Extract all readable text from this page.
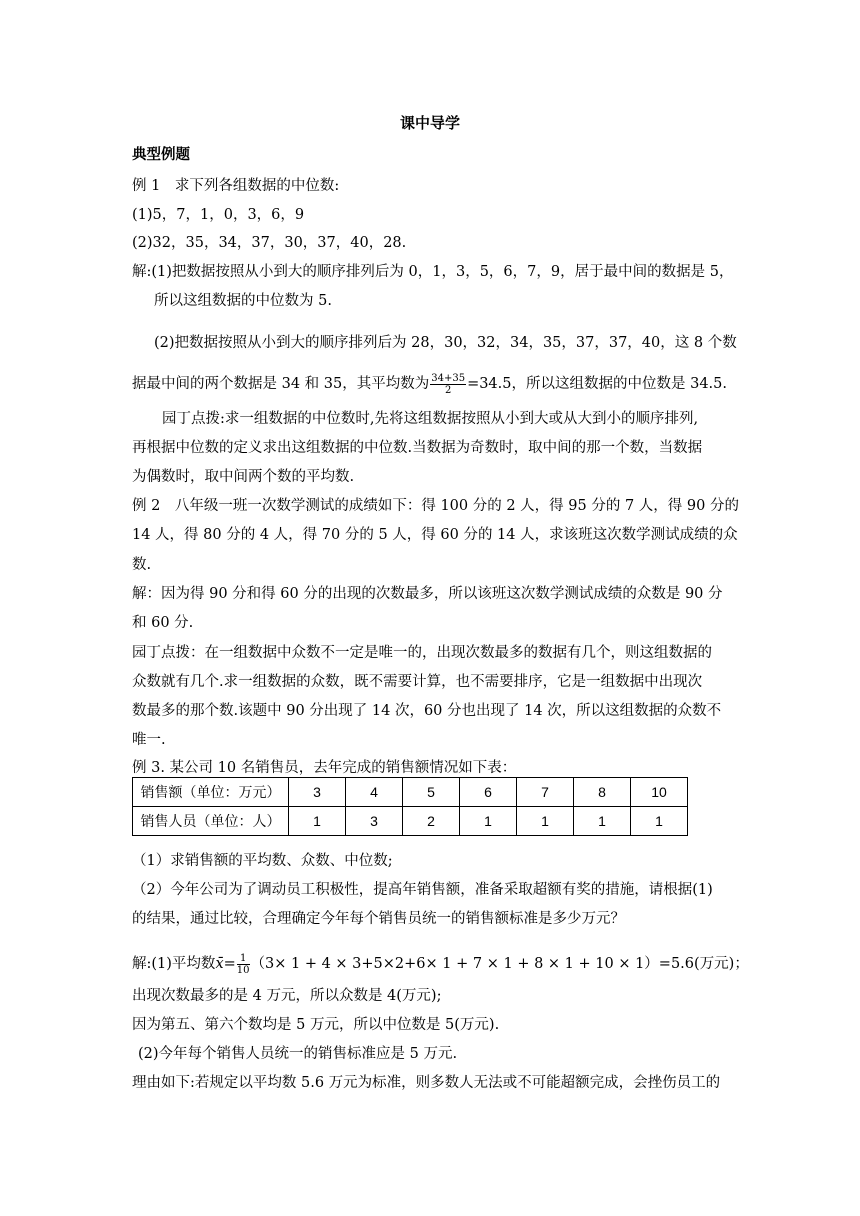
课中导学
典型例题
例 1　求下列各组数据的中位数:
(1)5，7，1，0，3，6，9
(2)32，35，34，37，30，37，40，28.
解:(1)把数据按照从小到大的顺序排列后为 0，1，3，5，6，7，9，居于最中间的数据是 5，
所以这组数据的中位数为 5.
(2)把数据按照从小到大的顺序排列后为 28，30，32，34，35，37，37，40，这 8 个数
据最中间的两个数据是 34 和 35，其平均数为 $\frac{34+35}{2} =34.5$，所以这组数据的中位数是 34.5.
园丁点拨:求一组数据的中位数时,先将这组数据按照从小到大或从大到小的顺序排列,
再根据中位数的定义求出这组数据的中位数.当数据为奇数时，取中间的那一个数，当数据
为偶数时，取中间两个数的平均数.
例 2　八年级一班一次数学测试的成绩如下：得 100 分的 2 人，得 95 分的 7 人，得 90 分的
14 人，得 80 分的 4 人，得 70 分的 5 人，得 60 分的 14 人，求该班这次数学测试成绩的众
数.
解：因为得 90 分和得 60 分的出现的次数最多，所以该班这次数学测试成绩的众数是 90 分
和 60 分.
园丁点拨：在一组数据中众数不一定是唯一的，出现次数最多的数据有几个，则这组数据的
众数就有几个.求一组数据的众数，既不需要计算，也不需要排序，它是一组数据中出现次
数最多的那个数.该题中 90 分出现了 14 次，60 分也出现了 14 次，所以这组数据的众数不
唯一.
例 3. 某公司 10 名销售员，去年完成的销售额情况如下表：
销售额（单位：万元）	3	4	5	6	7	8	10
销售人员（单位：人）	1	3	2	1	1	1	1
（1）求销售额的平均数、众数、中位数;
（2）今年公司为了调动员工积极性，提高年销售额，准备采取超额有奖的措施，请根据(1)
的结果，通过比较，合理确定今年每个销售员统一的销售额标准是多少万元？
解:(1)平均数x̄= $\frac{1}{10} (3\times 1 + 4 \times 3+5\times 2+6\times 1 + 7 \times 1 + 8 \times 1 + 10 \times 1)=5.6$(万元)；
出现次数最多的是 4 万元，所以众数是 4(万元);
因为第五、第六个数均是 5 万元，所以中位数是 5(万元).
(2)今年每个销售人员统一的销售标准应是 5 万元.
理由如下:若规定以平均数 5.6 万元为标准，则多数人无法或不可能超额完成，会挫伤员工的
